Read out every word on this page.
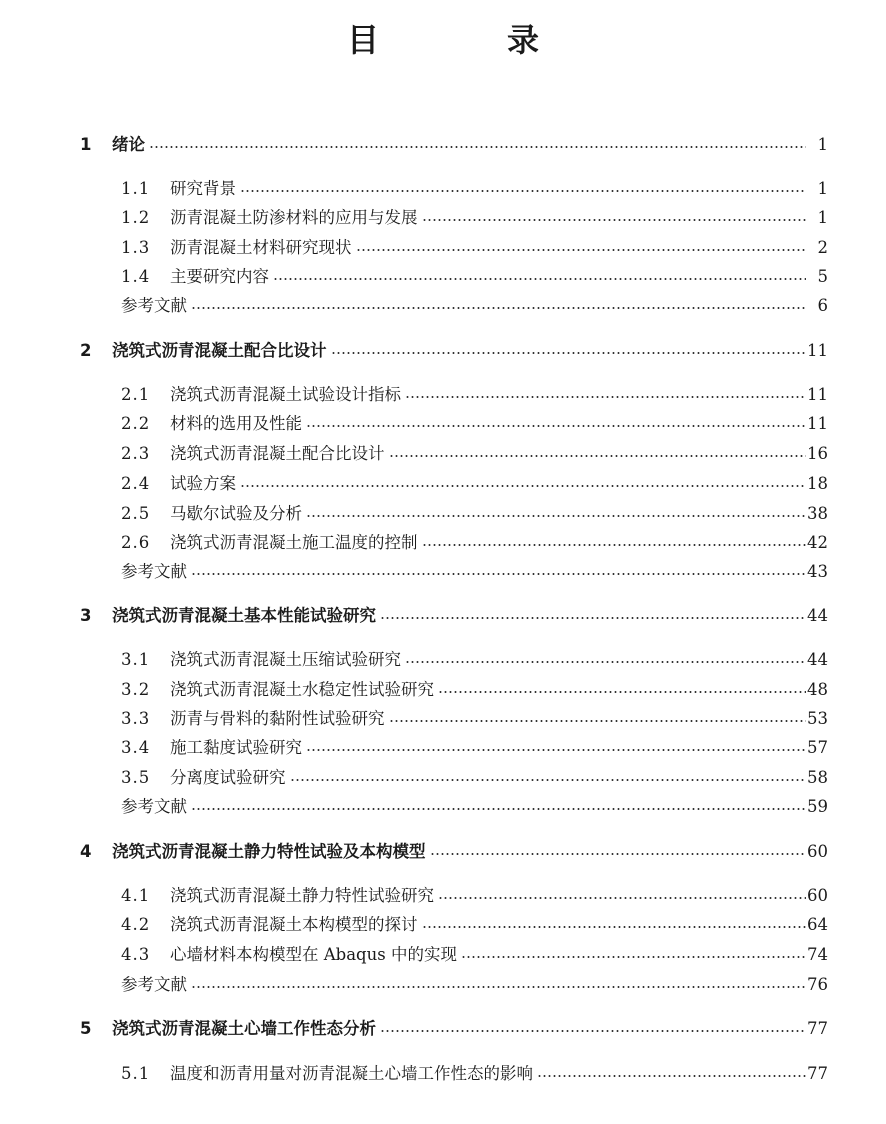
目　录
1 绪论	1
1.1 研究背景	1
1.2 沥青混凝土防渗材料的应用与发展	1
1.3 沥青混凝土材料研究现状	2
1.4 主要研究内容	5
参考文献	6
2 浇筑式沥青混凝土配合比设计	11
2.1 浇筑式沥青混凝土试验设计指标	11
2.2 材料的选用及性能	11
2.3 浇筑式沥青混凝土配合比设计	16
2.4 试验方案	18
2.5 马歇尔试验及分析	38
2.6 浇筑式沥青混凝土施工温度的控制	42
参考文献	43
3 浇筑式沥青混凝土基本性能试验研究	44
3.1 浇筑式沥青混凝土压缩试验研究	44
3.2 浇筑式沥青混凝土水稳定性试验研究	48
3.3 沥青与骨料的黏附性试验研究	53
3.4 施工黏度试验研究	57
3.5 分离度试验研究	58
参考文献	59
4 浇筑式沥青混凝土静力特性试验及本构模型	60
4.1 浇筑式沥青混凝土静力特性试验研究	60
4.2 浇筑式沥青混凝土本构模型的探讨	64
4.3 心墙材料本构模型在 Abaqus 中的实现	74
参考文献	76
5 浇筑式沥青混凝土心墙工作性态分析	77
5.1 温度和沥青用量对沥青混凝土心墙工作性态的影响	77
